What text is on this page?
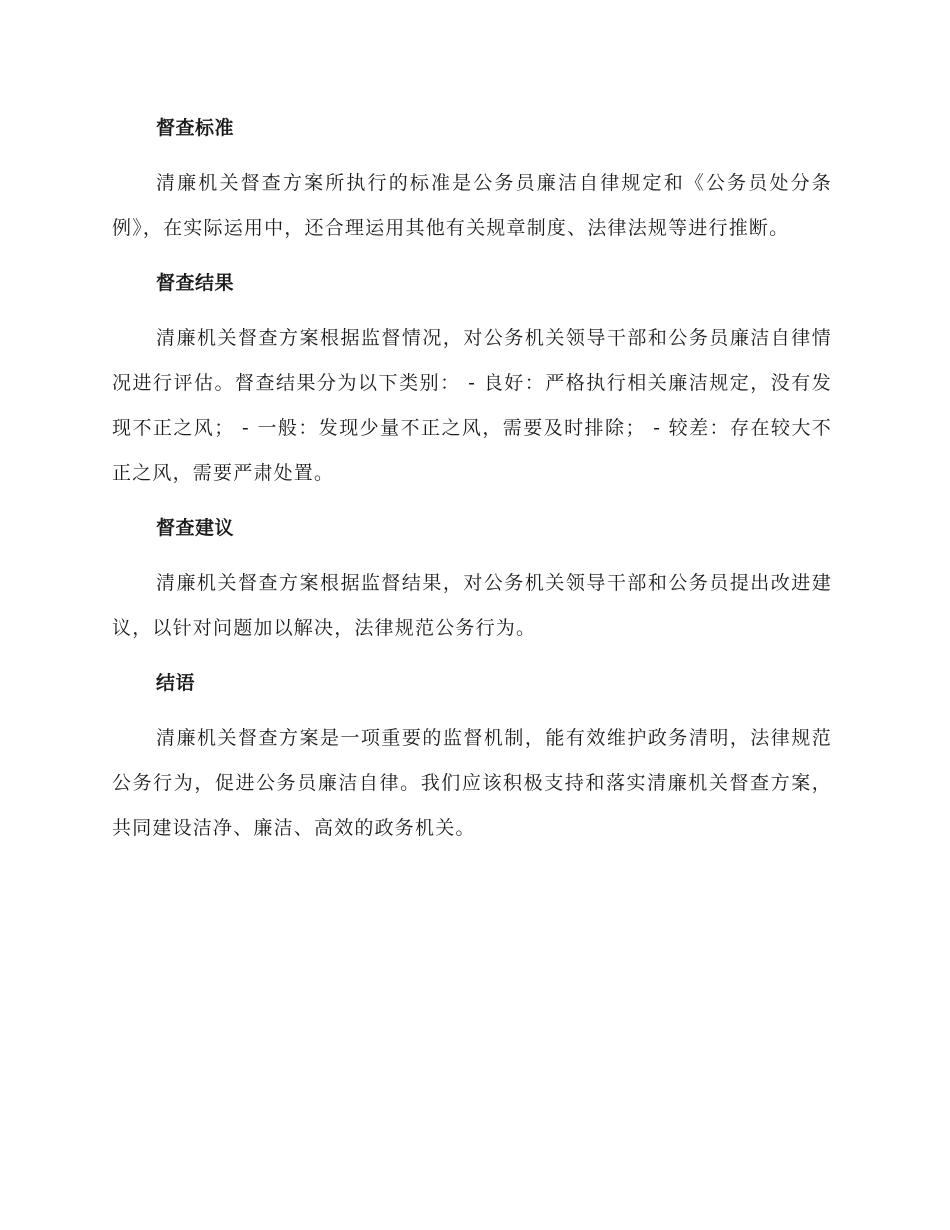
督查标准
清廉机关督查方案所执行的标准是公务员廉洁自律规定和《公务员处分条例》，在实际运用中，还合理运用其他有关规章制度、法律法规等进行推断。
督查结果
清廉机关督查方案根据监督情况，对公务机关领导干部和公务员廉洁自律情况进行评估。督查结果分为以下类别： - 良好：严格执行相关廉洁规定，没有发现不正之风； - 一般：发现少量不正之风，需要及时排除； - 较差：存在较大不正之风，需要严肃处置。
督查建议
清廉机关督查方案根据监督结果，对公务机关领导干部和公务员提出改进建议，以针对问题加以解决，法律规范公务行为。
结语
清廉机关督查方案是一项重要的监督机制，能有效维护政务清明，法律规范公务行为，促进公务员廉洁自律。我们应该积极支持和落实清廉机关督查方案，共同建设洁净、廉洁、高效的政务机关。
